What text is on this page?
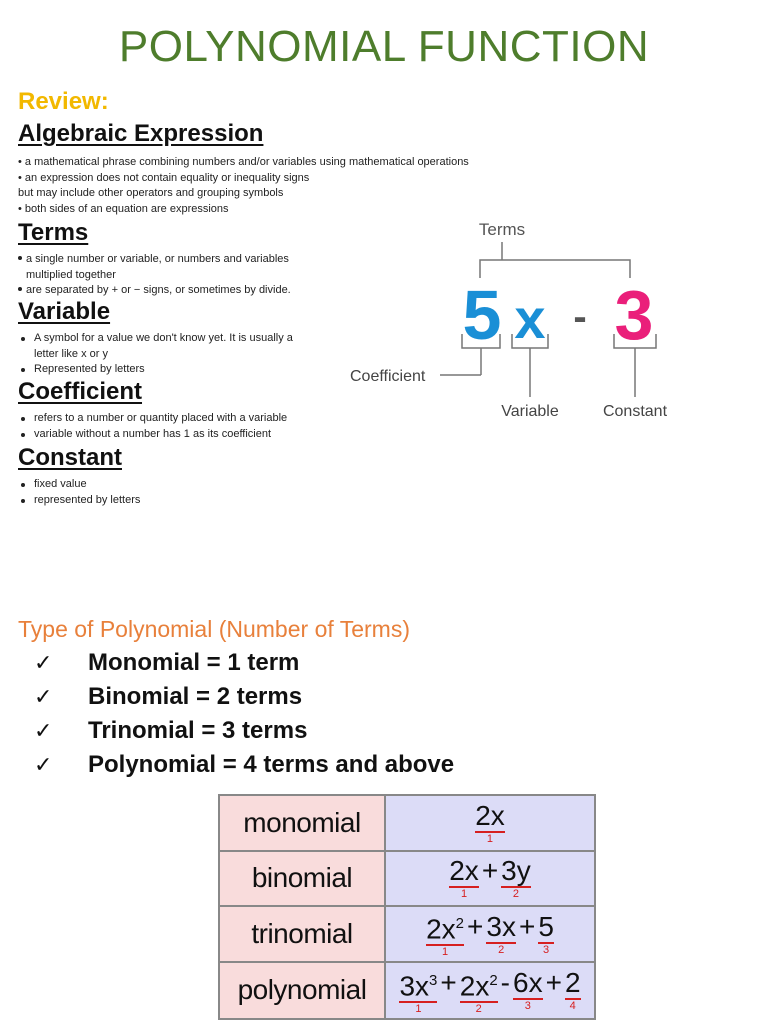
POLYNOMIAL FUNCTION
Review:
Algebraic Expression
• a mathematical phrase combining numbers and/or variables using mathematical operations
• an expression does not contain equality or inequality signs
but may include other operators and grouping symbols
• both sides of an equation are expressions
Terms
a single number or variable, or numbers and variables
multiplied together
are separated by + or − signs, or sometimes by divide.
Variable
A symbol for a value we don't know yet. It is usually a
letter like x or y
Represented by letters
Coefficient
refers to a number or quantity placed with a variable
variable without a number has 1 as its coefficient
Constant
fixed value
represented by letters
Terms
5 x - 3
Coefficient
Variable	Constant
Type of Polynomial (Number of Terms)
✓	Monomial = 1 term
✓	Binomial = 2 terms
✓	Trinomial = 3 terms
✓	Polynomial = 4 terms and above
monomial	2x
1
binomial	2x
1
+ 3y
2
trinomial	$2x^2$
1
+ 3x
2
+ 5
3
polynomial	$3x^3$
1
+ $2x^2$
2
- 6x
3
+ 2
4
